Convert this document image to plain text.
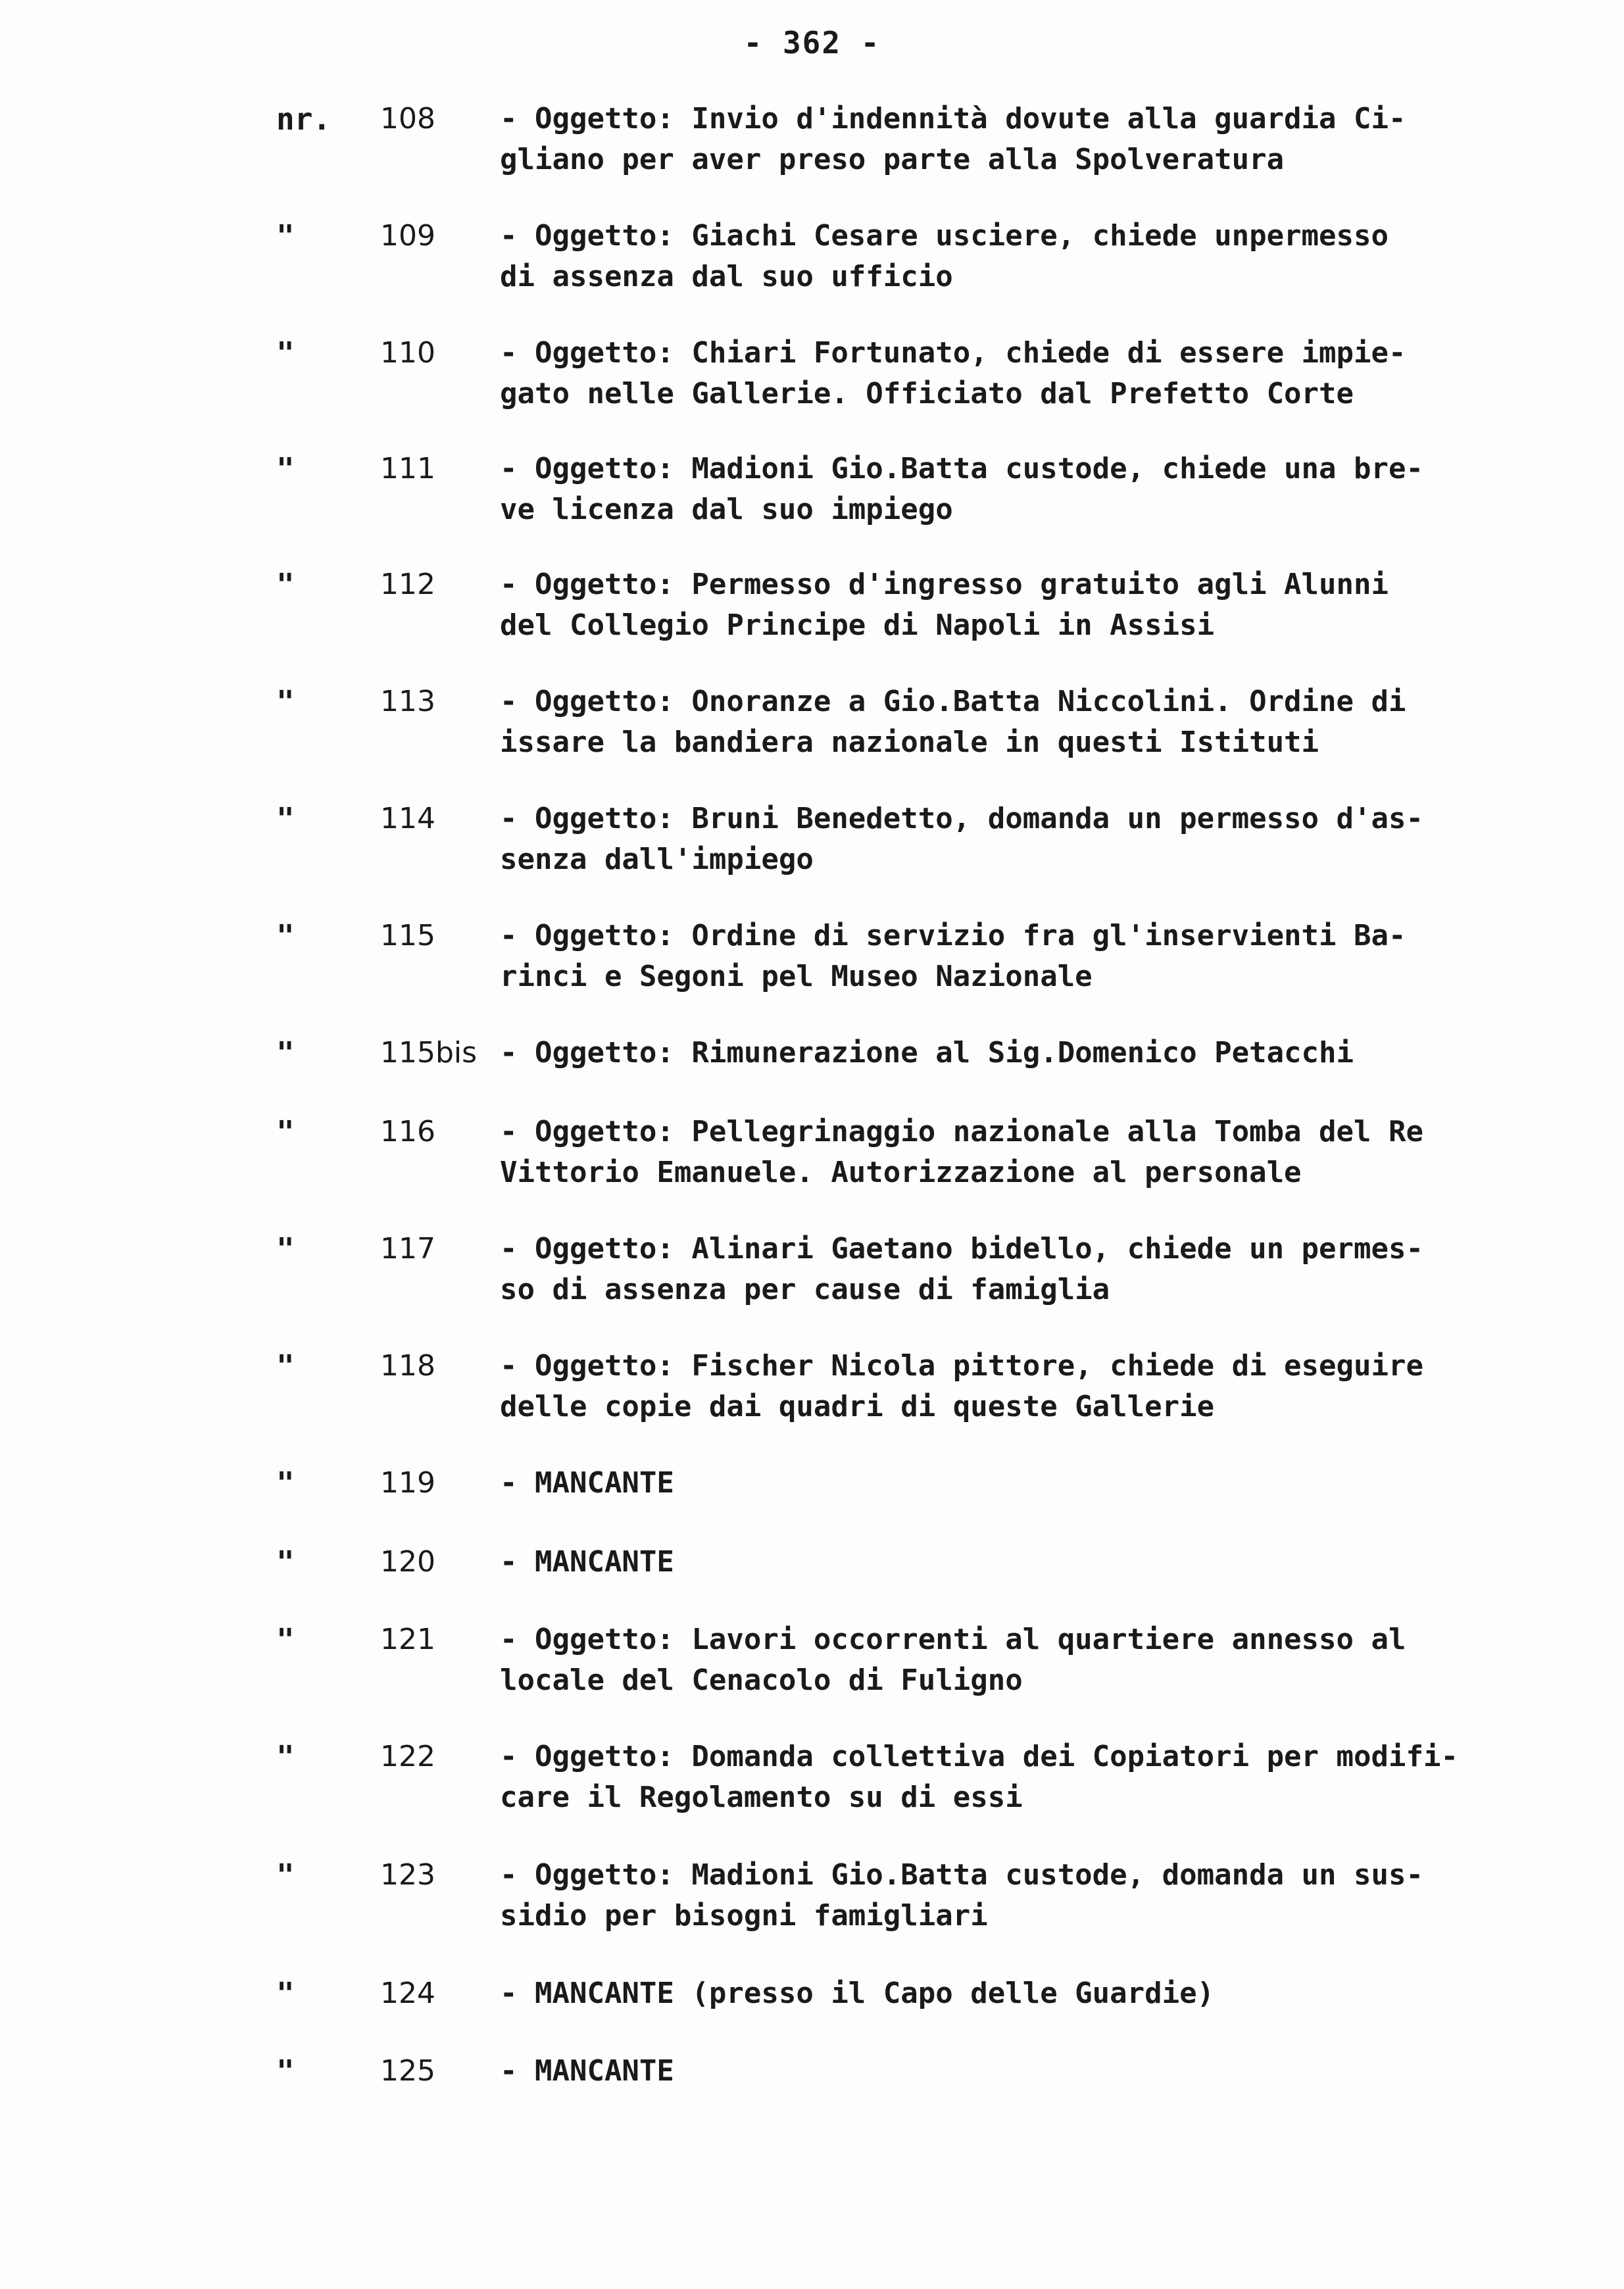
- 362 -
nr. 108 - Oggetto: Invio d'indennità dovute alla guardia Ci-
gliano per aver preso parte alla Spolveratura
"	109 - Oggetto: Giachi Cesare usciere, chiede unpermesso
di assenza dal suo ufficio
"	110 - Oggetto: Chiari Fortunato, chiede di essere impie-
gato nelle Gallerie. Officiato dal Prefetto Corte
"	111 - Oggetto: Madioni Gio.Batta custode, chiede una bre-
ve licenza dal suo impiego
"	112 - Oggetto: Permesso d'ingresso gratuito agli Alunni
del Collegio Principe di Napoli in Assisi
"	113 - Oggetto: Onoranze a Gio.Batta Niccolini. Ordine di
issare la bandiera nazionale in questi Istituti
"	114 - Oggetto: Bruni Benedetto, domanda un permesso d'as-
senza dall'impiego
"	115 - Oggetto: Ordine di servizio fra gl'inservienti Ba-
rinci e Segoni pel Museo Nazionale
"	115bis - Oggetto: Rimunerazione al Sig.Domenico Petacchi
"	116 - Oggetto: Pellegrinaggio nazionale alla Tomba del Re
Vittorio Emanuele. Autorizzazione al personale
"	117 - Oggetto: Alinari Gaetano bidello, chiede un permes-
so di assenza per cause di famiglia
"	118 - Oggetto: Fischer Nicola pittore, chiede di eseguire
delle copie dai quadri di queste Gallerie
"	119 - MANCANTE
"	120 - MANCANTE
"	121 - Oggetto: Lavori occorrenti al quartiere annesso al
locale del Cenacolo di Fuligno
"	122 - Oggetto: Domanda collettiva dei Copiatori per modifi-
care il Regolamento su di essi
"	123 - Oggetto: Madioni Gio.Batta custode, domanda un sus-
sidio per bisogni famigliari
"	124 - MANCANTE (presso il Capo delle Guardie)
"	125 - MANCANTE
